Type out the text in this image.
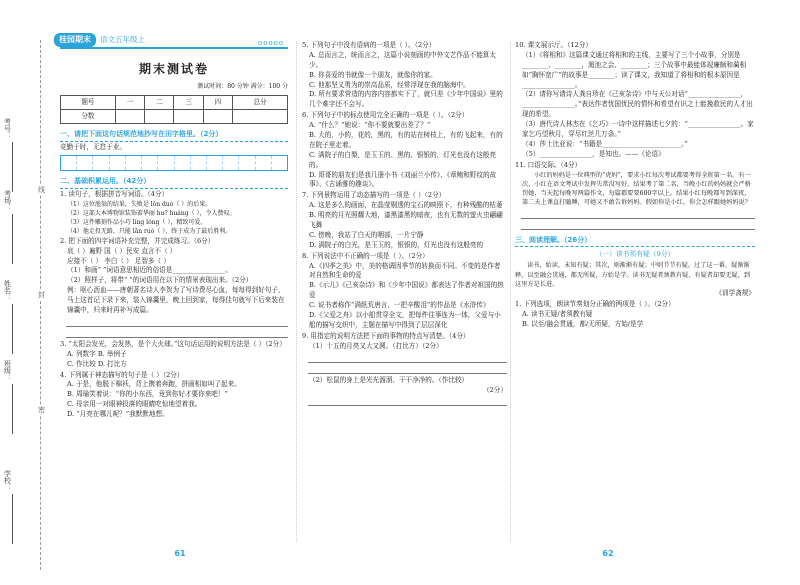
考号：
考场：
姓名：
班级：
学校：
线
封
密
桂园期末	语文五年级上	ooooo
期末测试卷
测试时间：80 分钟 满分：100 分
题号	一	二	三	四	总分
分数					
一、请把下面这句话规范地抄写在田字格里。（2分）
竞勤于时，无怠于业。
二、基础积累运用。（42分）
1. 读句子，根据拼音写词语。（4分）
（1）这位渔翁的结果，失败是 lǒn duò（ ）的后果。
（2）这部大本博物馆装饰着华丽 hu? huáng（ ），令人赞叹。
（3）这件雕刻作品小巧 líng lóng（ ），精致可爱。
（4）他走投无路，只能 lǎn ruò（ ），终于成为了最后胜利。
2. 把下面的四字词语补充完整，并完成练习。（6分）
哀（ ）遍野 国（ ）民安 直言不（ ）
应接不（ ） 李白（ ） 足智多（ ）
（1）和画“ ”词语意思相近的俗语是________________。
（2）照样子，将带“ ”的词语用在以下的情景表现出来。（2分）
例：呕心沥血——唐朝著名诗人李贺为了写诗费尽心血，每每得到好句子，马上这首记下录下来，装入锦囊里，晚上回到家，每得佳句就写下后来装在锦囊中，归来时再补写成篇。
3. “太阳会发光，会发热，是个大火球。”这句话运用的说明方法是（ ）（2分）
A. 列数字 B. 举例子
C. 作比较 D. 打比方
4. 下列属于神态描写的句子是（ ）（2分）
A. 于是，他脱下棉袄，背上携着奔跑，拼画相如叫了起来。
B. 周瑜笑着说：“你的小东西，竟到你好才要你来吧！”
C. 母亲用一对眼神投落的眼睛吃惊地望着我。
D. “月亮在哪儿呢？”我默默地想。
61
5. 下列句子中没有语病的一项是（ ）。（2分）
A. 总而言之，统而言之，这篇小说刻画的中外文艺作品不能算太少。
B. 你喜爱的书就像一个朋友，就像你的家。
C. 他那坚义勇为的崇高品质，经常浮现在我的脑海中。
D. 所有要求营造的内容内容都实下了，就只差《少年中国说》里的几个难字还不会写。
6. 下列句子中的标点使用完全正确的一项是（ ）。（2分）
A. “什么？”她说：“你不要就要出差了？”
B. 大的，小的，花的，黑的，有的站在树枝上，有的飞起来，有的在院子里走着。
C. 满院子的白梨，是玉玉的、黑的、银银的，灯光也没有这般亮的。
D. 哥哥的朋友们是我几册小书《刘丽兰小传》、《章鲍和野纹的故事》、《古诵雅的趣谈》。
7. 下列景物运用了动态描写的一项是（ ）（2分）
A. 这是多么的画面，在晶莹剔透的宝石的映照下，有种残酷的枯萎
B. 明亮的月光照耀大地，漆黑漆黑的暗夜，也有无数的萤火虫翩翩飞舞
C. 傍晚，我站了白天的咽部，一片宁静
D. 满院子的白光，是玉玉的，银银的，灯光也没有这般亮的
8. 下列说法中不正确的一项是（ ）。（2分）
A.《四季之美》中，美的格调因季节的转换而不同。不变的是作者对自然和生命的爱
B.《示儿》《己亥杂诗》和《少年中国说》都表达了作者对祖国的热爱
C. 说书者称作“满纸荒唐言，一把辛酸泪”的作品是《水浒传》
D.《父爱之舟》以小船贯穿全文，把每件往事连为一体，父爱与小船的描写交织中，主题在描写中得到了层层深化
9. 用指定的说明方法把下面的事物的特点写清楚。（4分）
（1）十五的月亮又大又圆。（打比方）（2分）
（2）松鼠的身上是光光溜溜、干干净净的。（作比较）
（2分）
10. 课文展示厅。（12分）
（1）《将相和》这篇课文通过将相和的主线，主要写了三个小故事，分别是________、________，渑池之会、________；三个故事中最能体现廉颇和蔺相如“胸怀宽广”的故事是________；读了课文，我知道了将相和的根本原因是________________。
（2）请你写请诗人龚自珍在《己亥杂诗》中与天公对话“________________，________________。”表达作者忧国忧民的情怀和希望有识之士能挽救民的人才出现的希望。
（3）唐代诗人林杰在《乞巧》一诗中这样描述七夕的：“________________。家家乞巧望秋月，穿尽红丝几万条。”
（4）莎士比亚说：“书籍是________________________。”
（5）________________，是知也。——《论语》
11. 口语交际。（4分）
小红的妈妈是一位典型的“虎妈”，要求小红每次考试都要考得全班第一名。有一次，小红在语文考试中发挥失常没写好，结果考了第二名，当晚小红的妈妈就会严格罚她，当天起每晚写两篇作文，每篇都要要600字以上。结果小红每晚都写到深夜，第二天上课直打瞌睡，可她又不敢告诉妈妈。假如你是小红，你会怎样跟她妈妈说？
三、阅读理解。（26分）
（一）读书须有疑（9分）
读书，始读，未知有疑；其次，则渐渐有疑；中则节节有疑。过了这一番，疑渐渐释，以至融会贯通，都无所疑，方始是学。读书无疑者须教有疑，有疑者却要无疑，到这里方是长进。
《训学斋规》
1. 下列选项，朗读节奏划分正确的两项是（ ）。（2分）
A. 读书无疑/者须教有疑
B. 以至/融会贯通，都/无所疑，方始/是学
62
